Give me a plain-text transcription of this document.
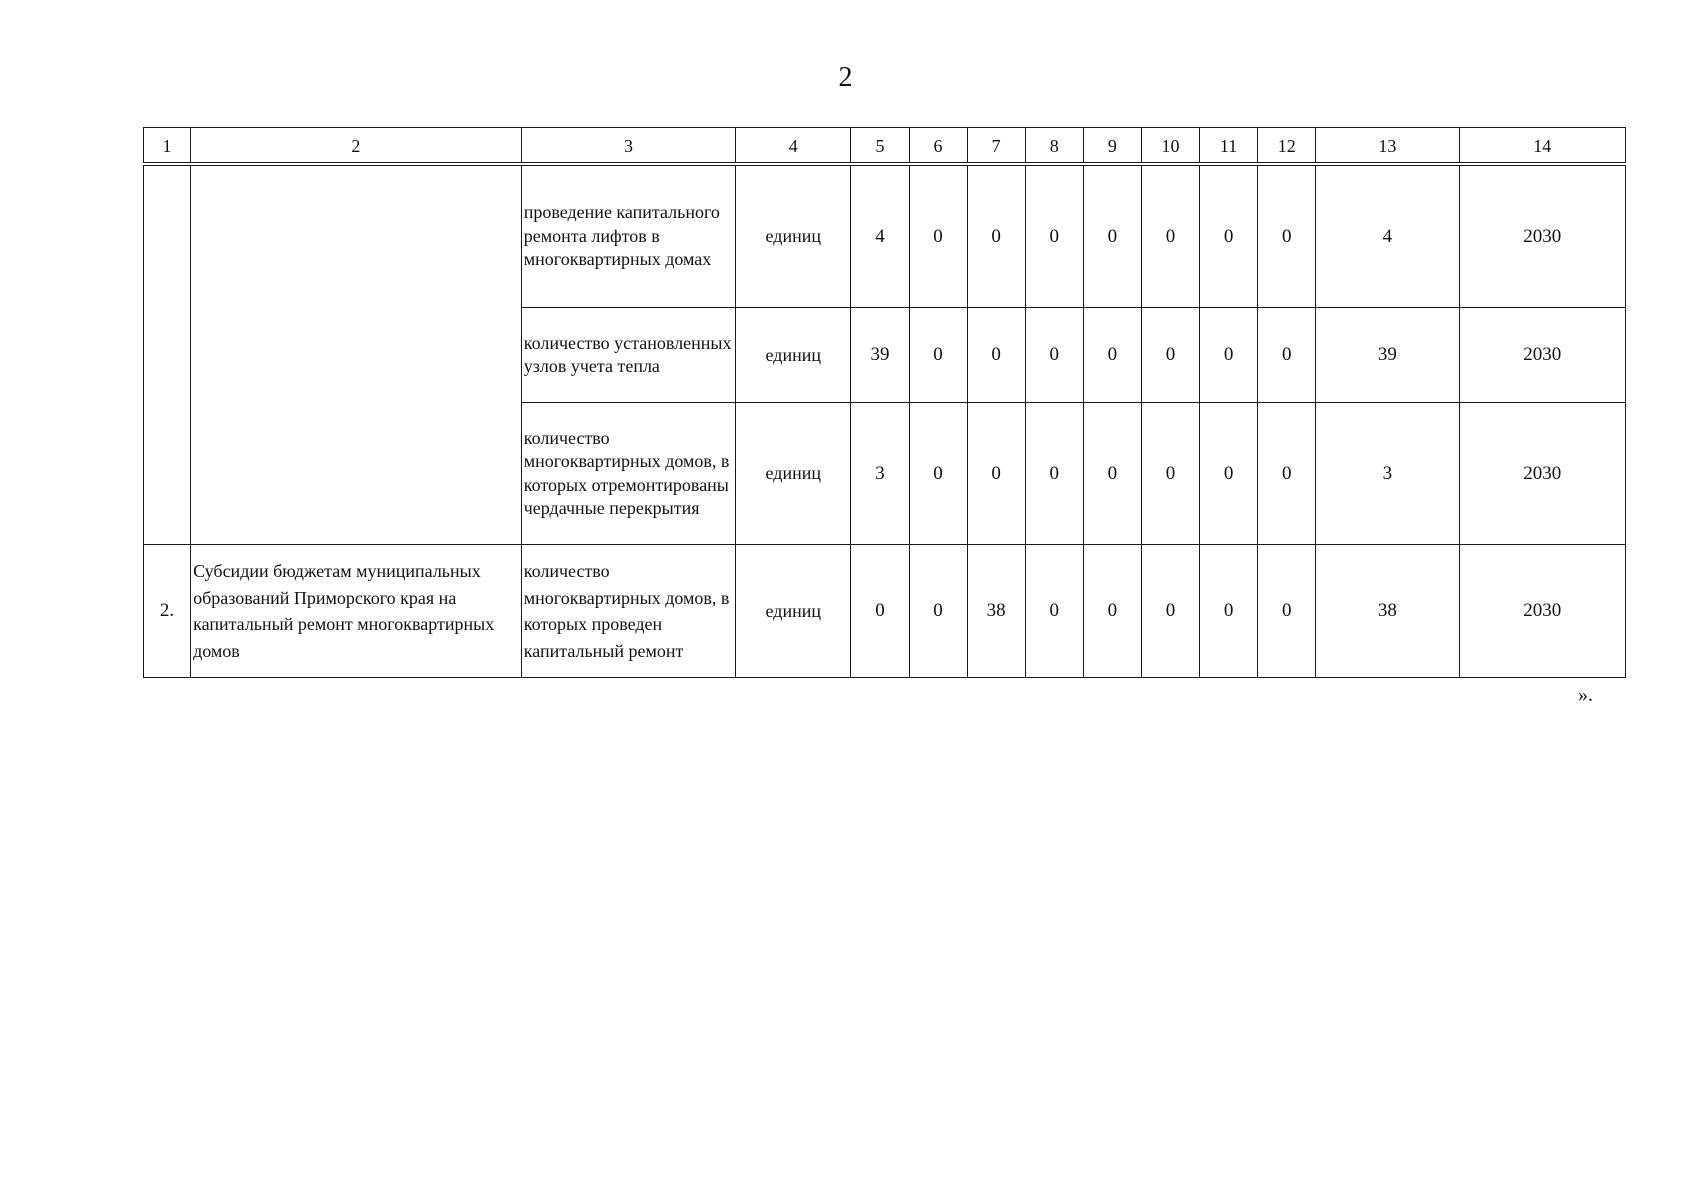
2
1	2	3	4	5	6	7	8	9	10	11	12	13	14
		проведение капитального ремонта лифтов в многоквартирных домах	единиц	4	0	0	0	0	0	0	0	4	2030
		количество установленных узлов учета тепла	единиц	39	0	0	0	0	0	0	0	39	2030
		количество многоквартирных домов, в которых отремонтированы чердачные перекрытия	единиц	3	0	0	0	0	0	0	0	3	2030
2.	Субсидии бюджетам муниципальных образований Приморского края на капитальный ремонт многоквартирных домов	количество многоквартирных домов, в которых проведен капитальный ремонт	единиц	0	0	38	0	0	0	0	0	38	2030
».
